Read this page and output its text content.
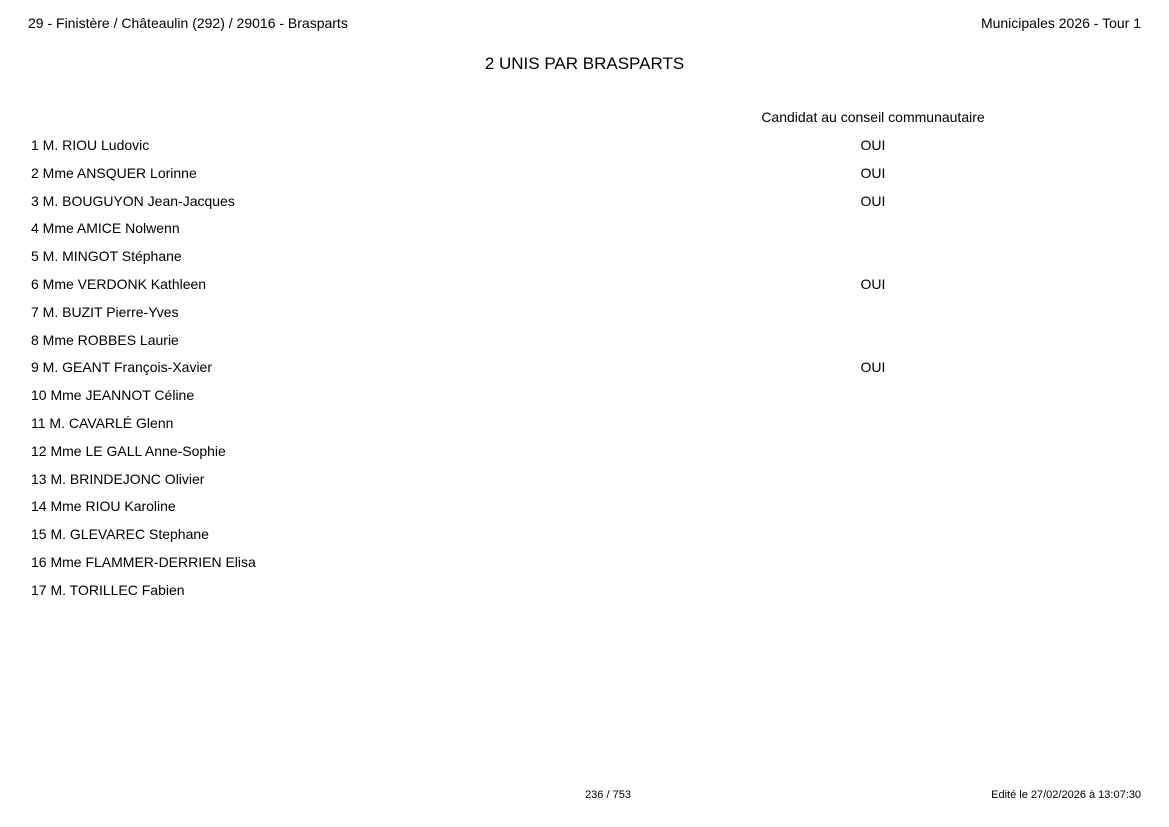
29 - Finistère / Châteaulin (292) / 29016 - Brasparts	Municipales 2026 - Tour 1
2 UNIS PAR BRASPARTS
Candidat au conseil communautaire
1 M. RIOU Ludovic	OUI
2 Mme ANSQUER Lorinne	OUI
3 M. BOUGUYON Jean-Jacques	OUI
4 Mme AMICE Nolwenn
5 M. MINGOT Stéphane
6 Mme VERDONK Kathleen	OUI
7 M. BUZIT Pierre-Yves
8 Mme ROBBES Laurie
9 M. GEANT François-Xavier	OUI
10 Mme JEANNOT Céline
11 M. CAVARLÉ Glenn
12 Mme LE GALL Anne-Sophie
13 M. BRINDEJONC Olivier
14 Mme RIOU Karoline
15 M. GLEVAREC Stephane
16 Mme FLAMMER-DERRIEN Elisa
17 M. TORILLEC Fabien
236 / 753	Edité le 27/02/2026 à 13:07:30
